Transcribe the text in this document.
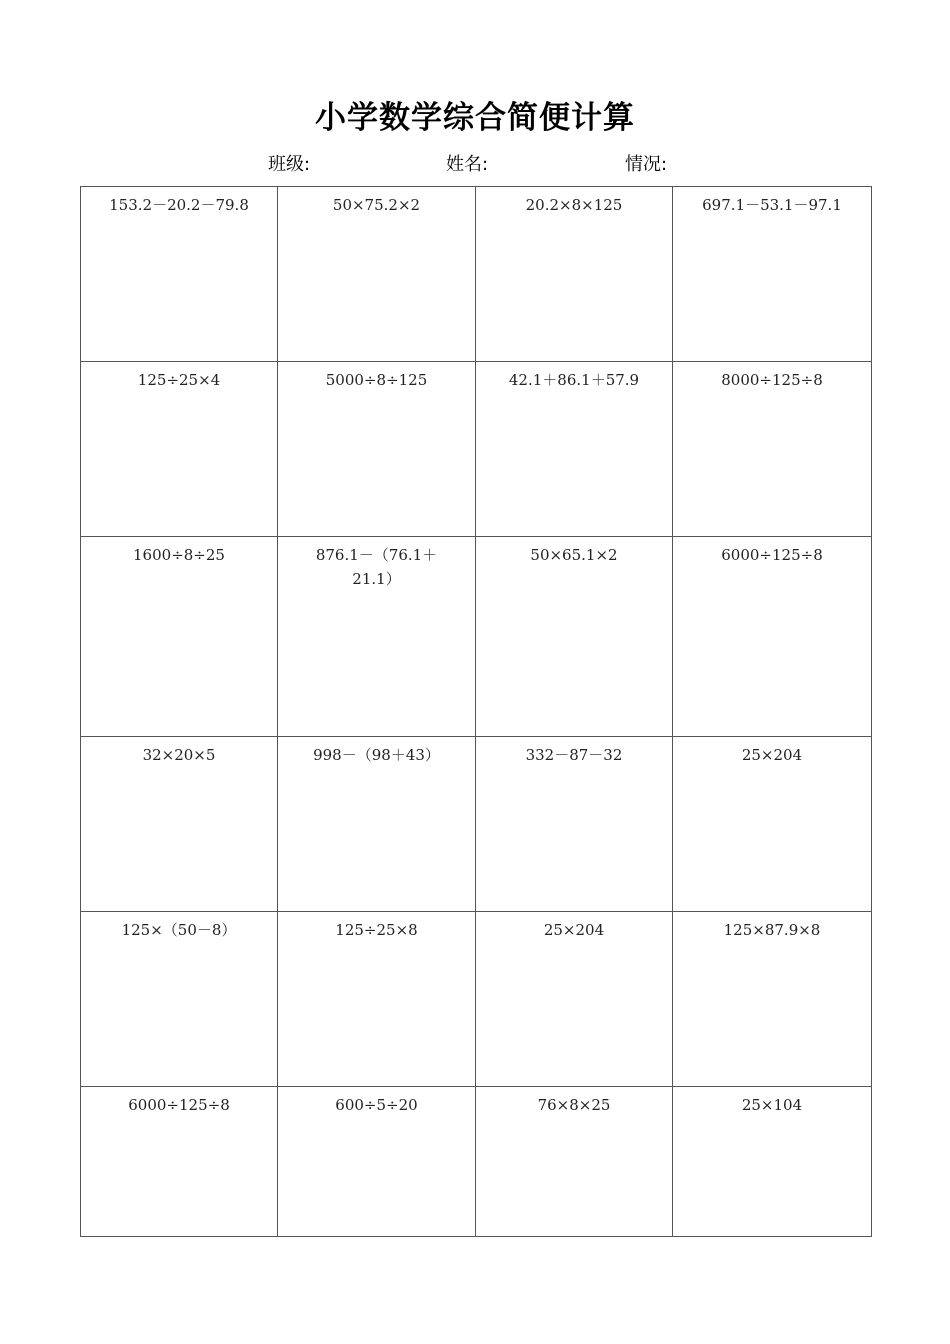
小学数学综合简便计算
班级:	姓名:	情况:
153.2－20.2－79.8	50×75.2×2	20.2×8×125	697.1－53.1－97.1
125÷25×4	5000÷8÷125	42.1＋86.1＋57.9	8000÷125÷8
1600÷8÷25	876.1－（76.1＋21.1）	50×65.1×2	6000÷125÷8
32×20×5	998－（98＋43）	332－87－32	25×204
125×（50－8）	125÷25×8	25×204	125×87.9×8
6000÷125÷8	600÷5÷20	76×8×25	25×104
